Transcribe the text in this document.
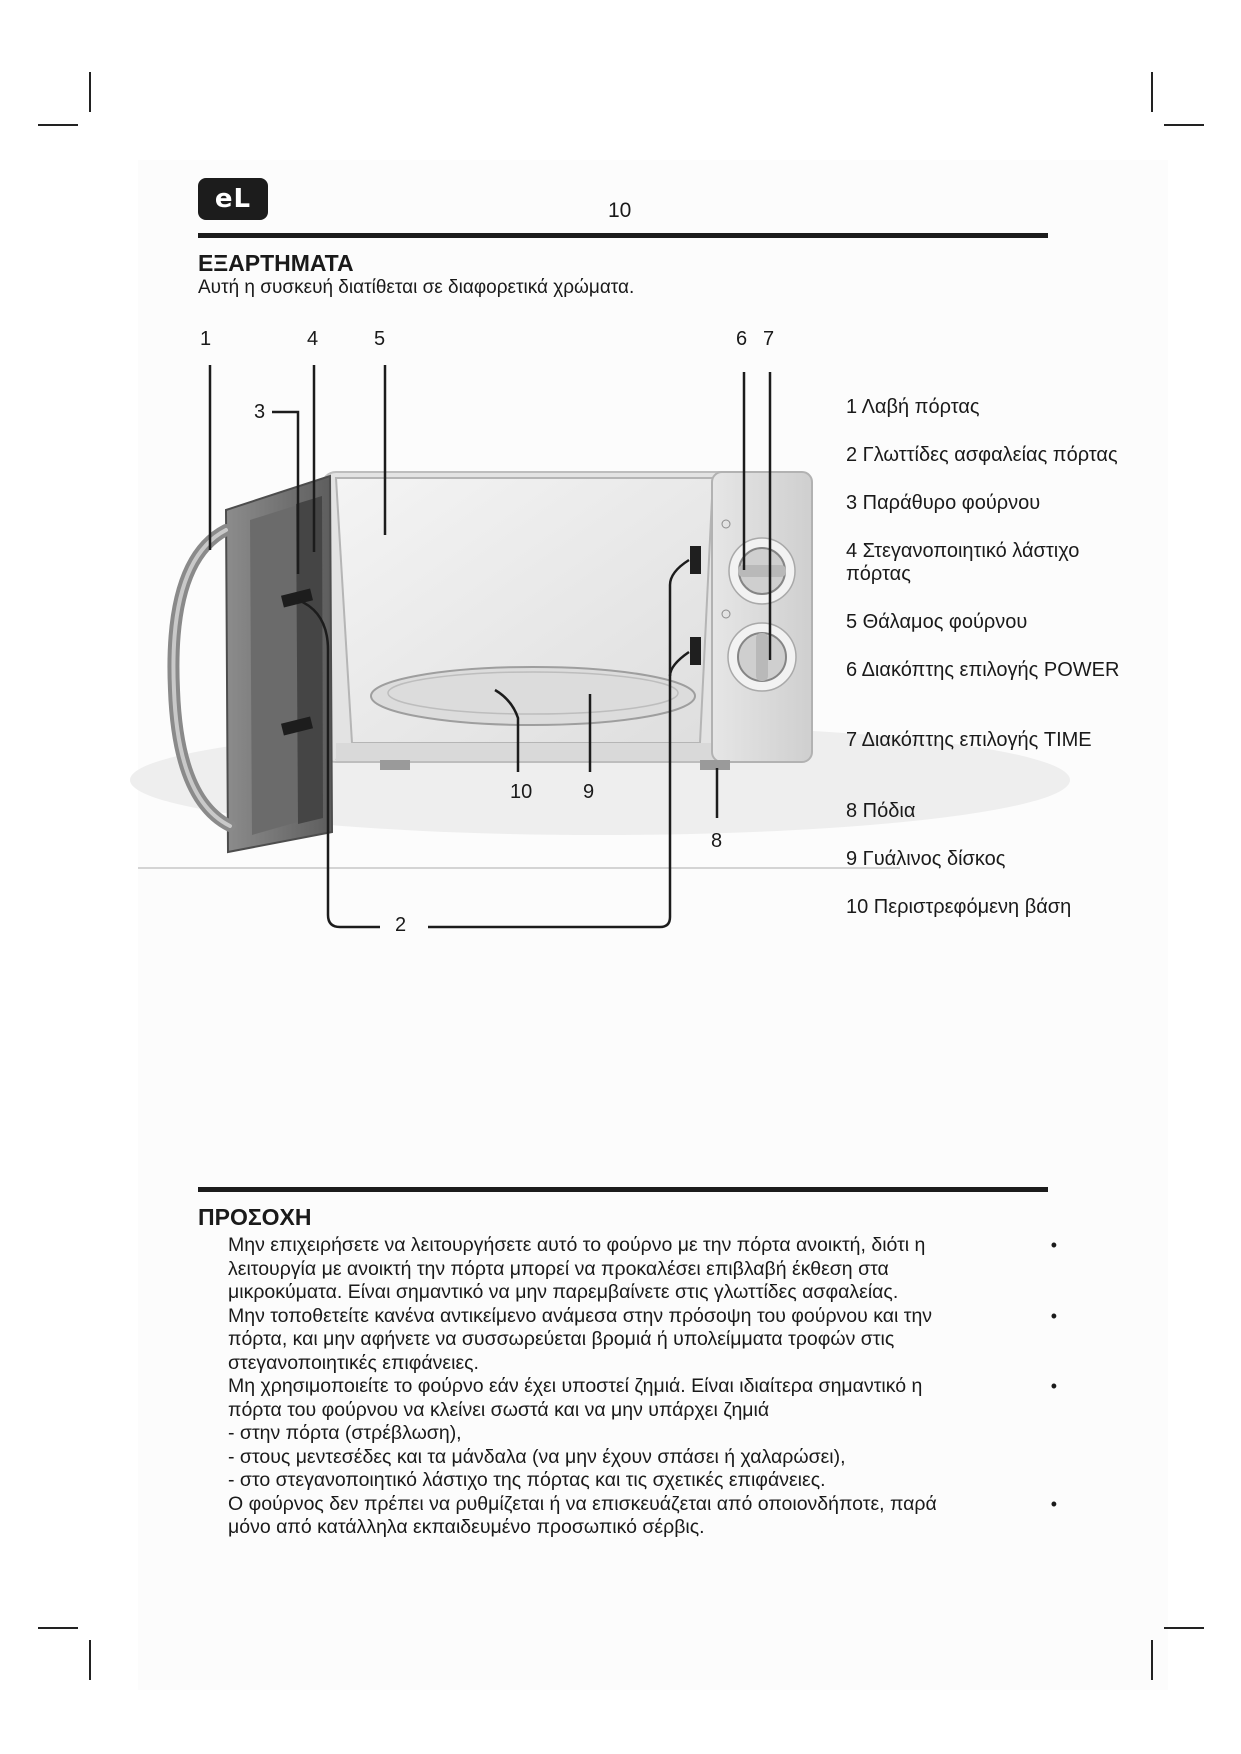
eL	10
ΕΞΑΡΤΗΜΑΤΑ
Αυτή η συσκευή διατίθεται σε διαφορετικά χρώματα.
1	4	5	6 7
3
10	9
8
2
1 Λαβή πόρτας
2 Γλωττίδες ασφαλείας πόρτας
3 Παράθυρο φούρνου
4 Στεγανοποιητικό λάστιχο πόρτας
5 Θάλαμος φούρνου
6 Διακόπτης επιλογής POWER
7 Διακόπτης επιλογής TIME
8 Πόδια
9 Γυάλινος δίσκος
10 Περιστρεφόμενη βάση
ΠΡΟΣΟΧΗ
•
Μην επιχειρήσετε να λειτουργήσετε αυτό το φούρνο με την πόρτα ανοικτή, διότι η
λειτουργία με ανοικτή την πόρτα μπορεί να προκαλέσει επιβλαβή έκθεση στα
μικροκύματα. Είναι σημαντικό να μην παρεμβαίνετε στις γλωττίδες ασφαλείας.
•
Μην τοποθετείτε κανένα αντικείμενο ανάμεσα στην πρόσοψη του φούρνου και την
πόρτα, και μην αφήνετε να συσσωρεύεται βρομιά ή υπολείμματα τροφών στις
στεγανοποιητικές επιφάνειες.
•
Μη χρησιμοποιείτε το φούρνο εάν έχει υποστεί ζημιά. Είναι ιδιαίτερα σημαντικό η
πόρτα του φούρνου να κλείνει σωστά και να μην υπάρχει ζημιά
- στην πόρτα (στρέβλωση),
- στους μεντεσέδες και τα μάνδαλα (να μην έχουν σπάσει ή χαλαρώσει),
- στο στεγανοποιητικό λάστιχο της πόρτας και τις σχετικές επιφάνειες.
•
Ο φούρνος δεν πρέπει να ρυθμίζεται ή να επισκευάζεται από οποιονδήποτε, παρά
μόνο από κατάλληλα εκπαιδευμένο προσωπικό σέρβις.
